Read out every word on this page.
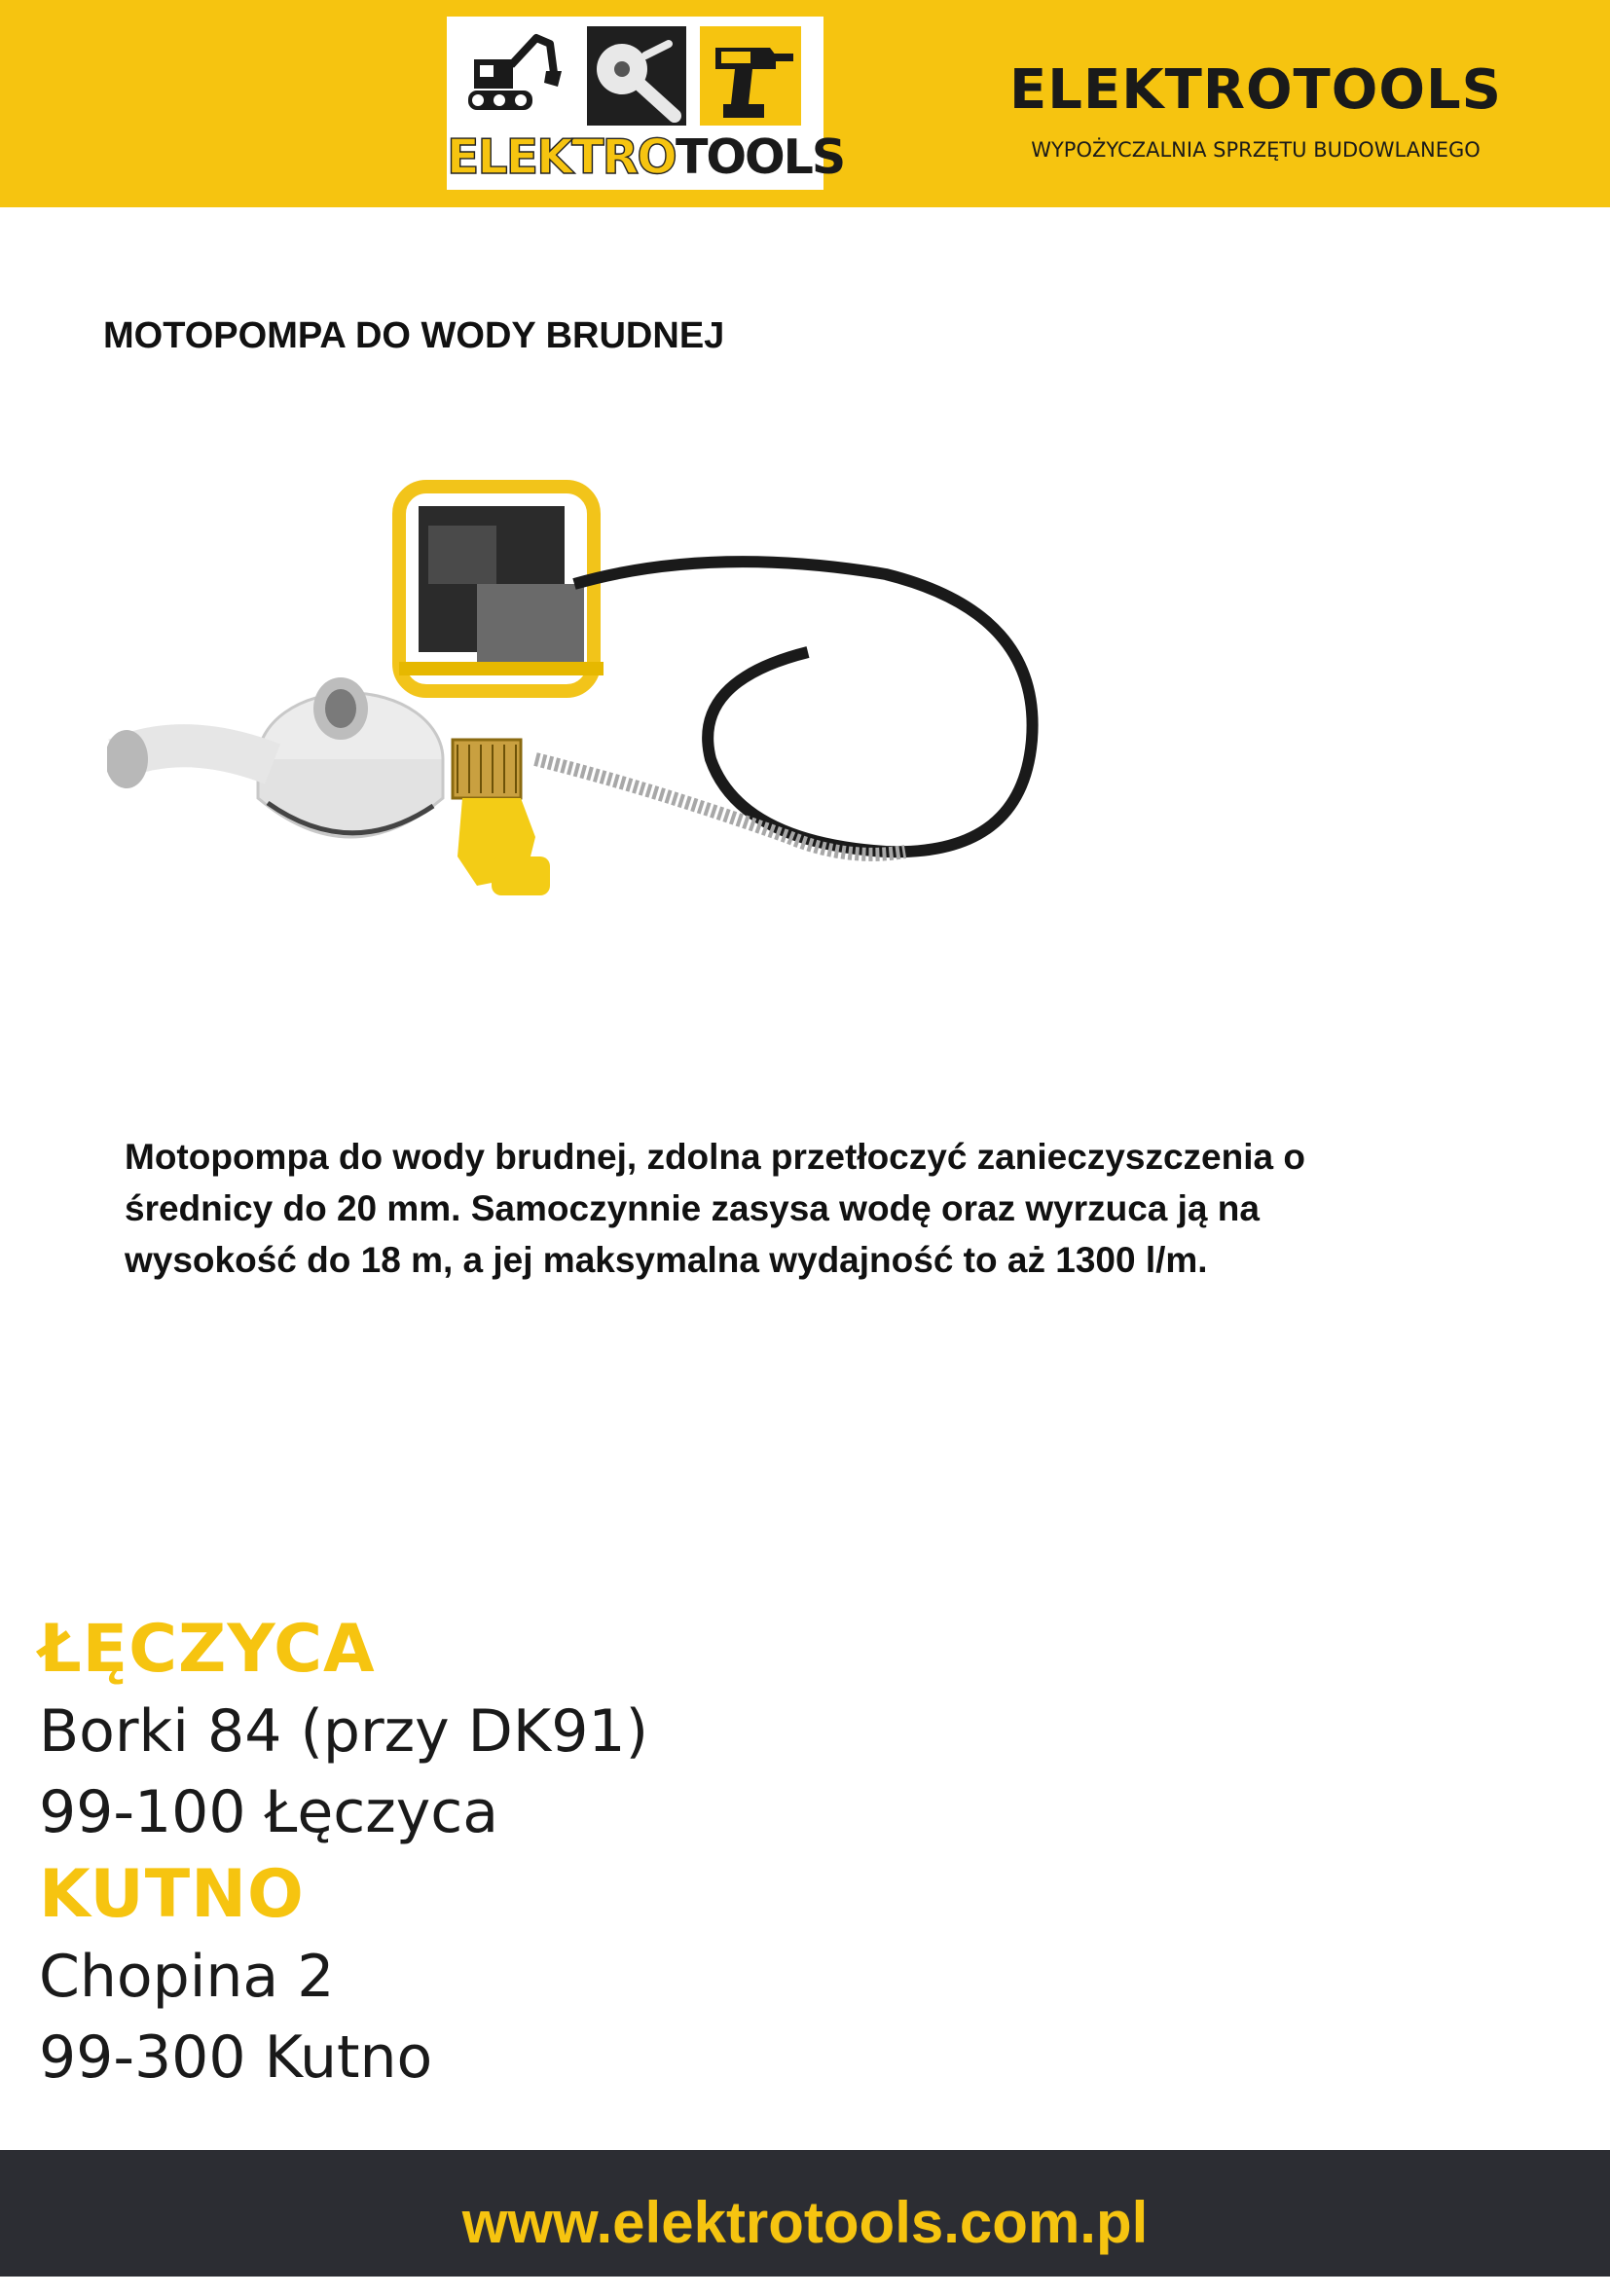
ELEKTROTOOLS
ELEKTROTOOLS
WYPOŻYCZALNIA SPRZĘTU BUDOWLANEGO
MOTOPOMPA DO WODY BRUDNEJ
Motopompa do wody brudnej, zdolna przetłoczyć zanieczyszczenia o średnicy do 20 mm. Samoczynnie zasysa wodę oraz wyrzuca ją na wysokość do 18 m, a jej maksymalna wydajność to aż 1300 l/m.
ŁĘCZYCA
Borki 84 (przy DK91)
99-100 Łęczyca
KUTNO
Chopina 2
99-300 Kutno
www.elektrotools.com.pl
